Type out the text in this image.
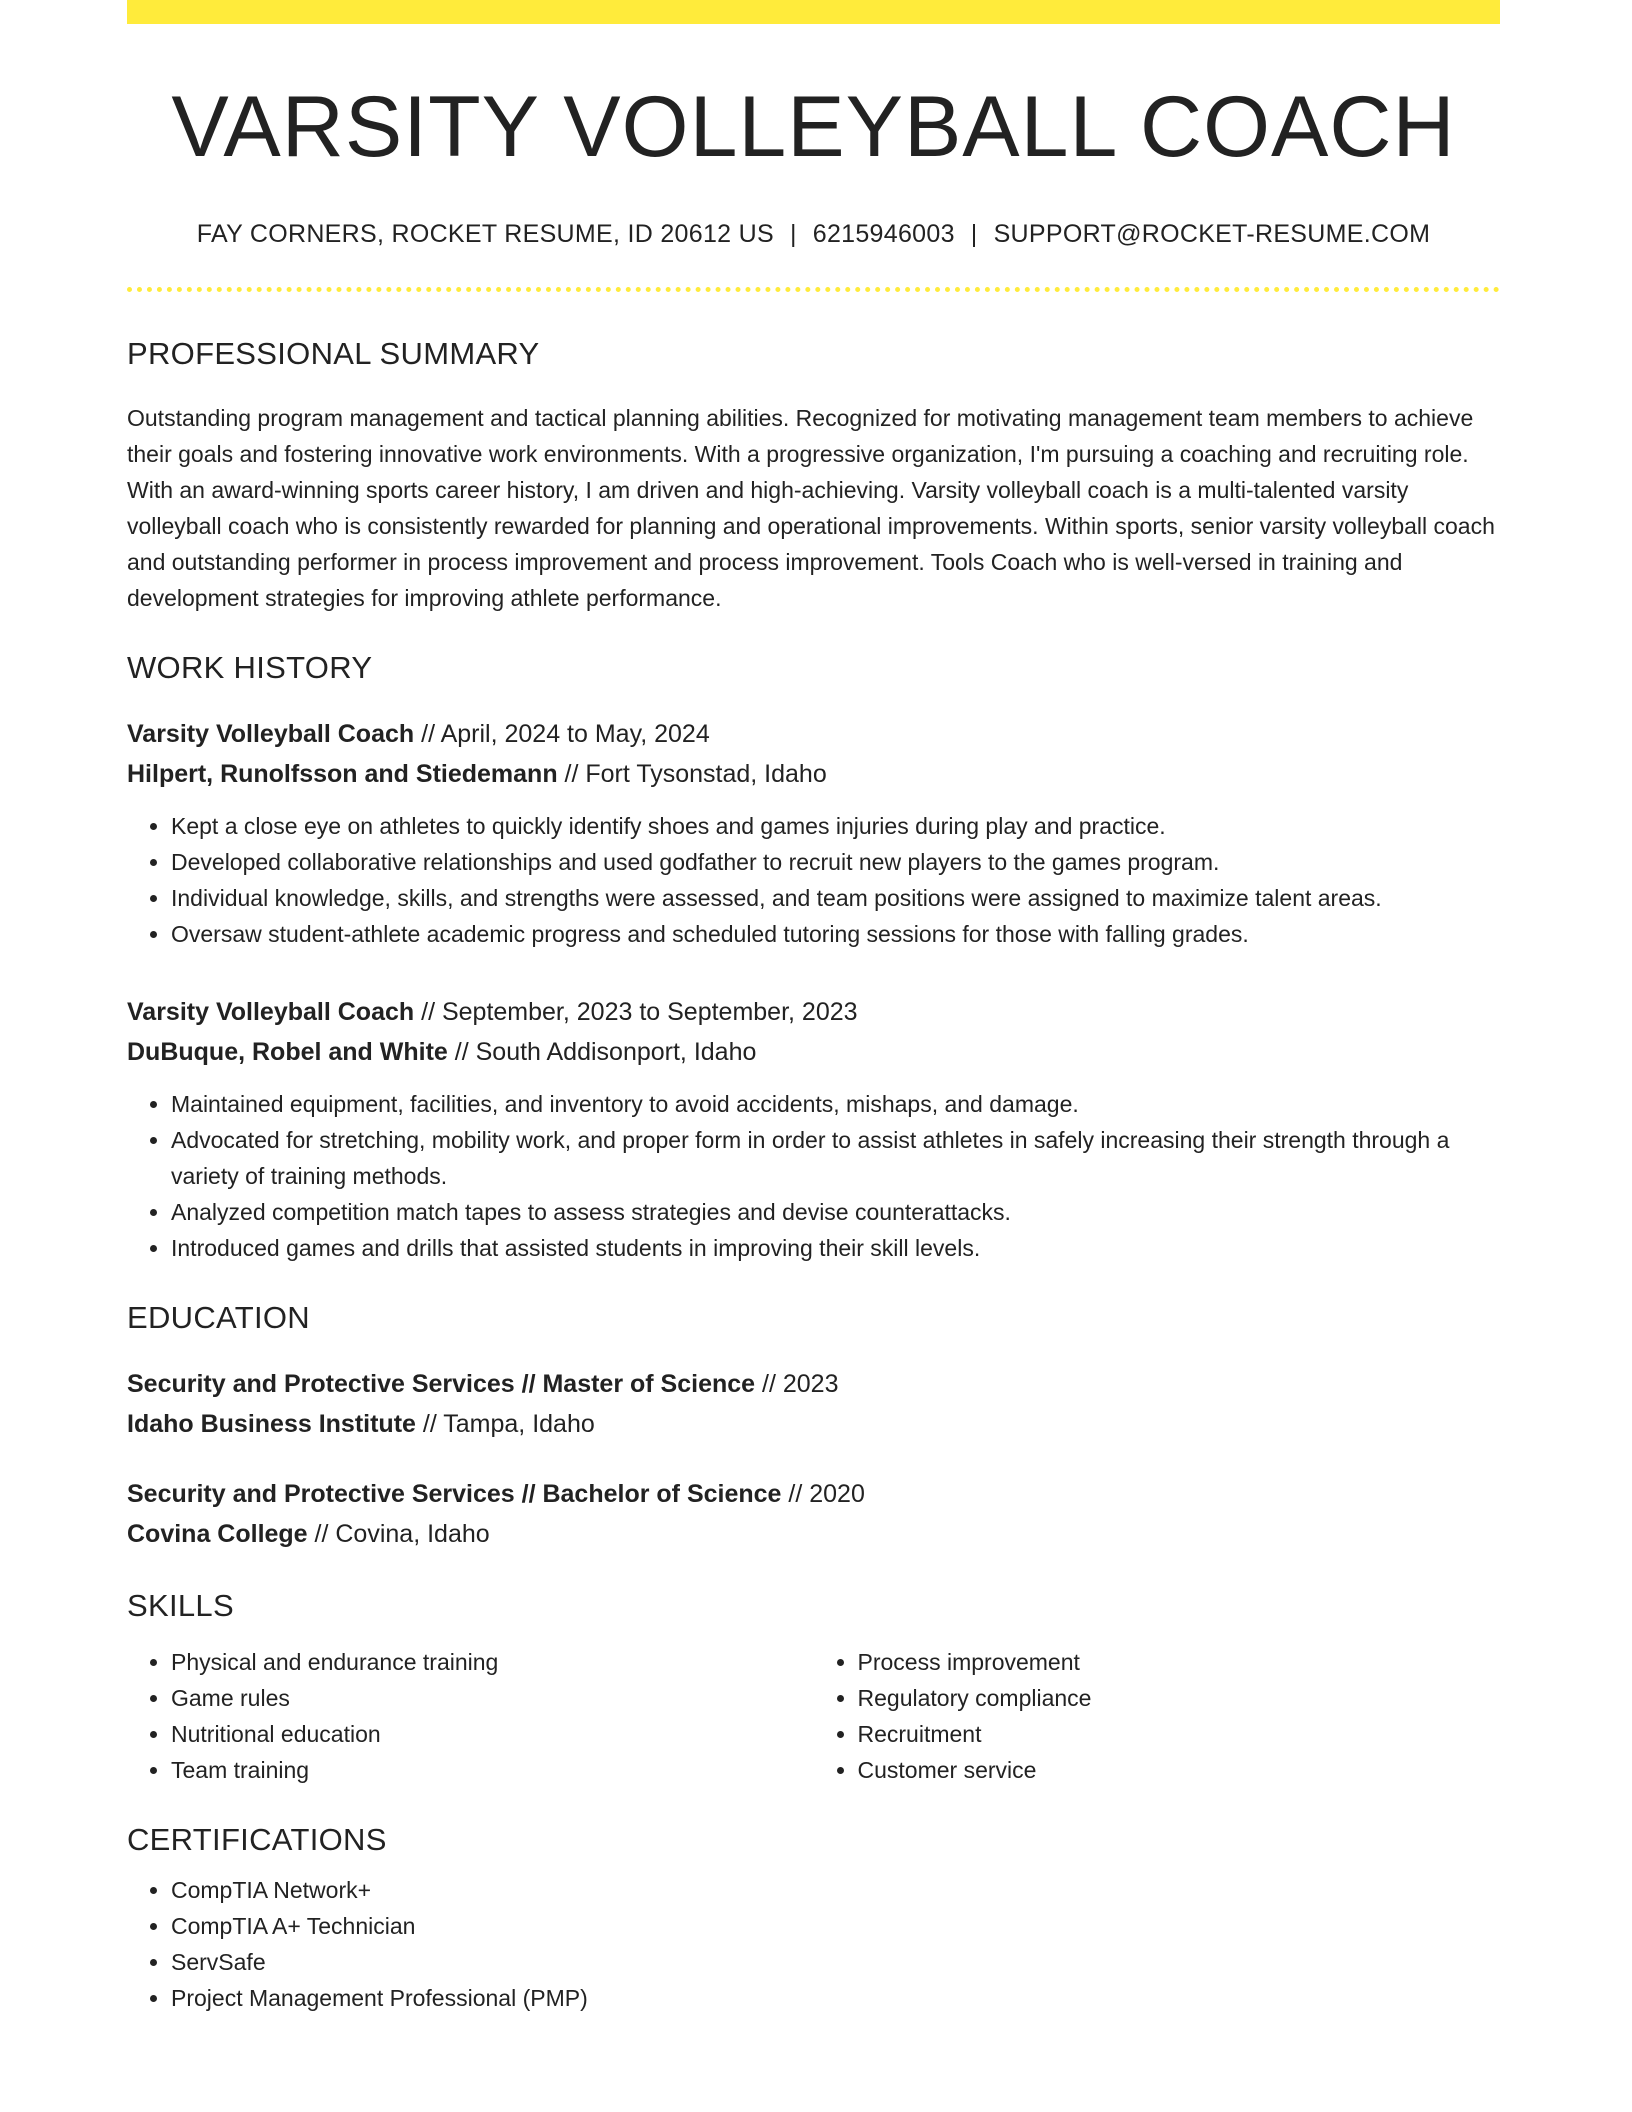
VARSITY VOLLEYBALL COACH
FAY CORNERS, ROCKET RESUME, ID 20612 US | 6215946003 | SUPPORT@ROCKET-RESUME.COM
PROFESSIONAL SUMMARY
Outstanding program management and tactical planning abilities. Recognized for motivating management team members to achieve their goals and fostering innovative work environments. With a progressive organization, I'm pursuing a coaching and recruiting role. With an award-winning sports career history, I am driven and high-achieving. Varsity volleyball coach is a multi-talented varsity volleyball coach who is consistently rewarded for planning and operational improvements. Within sports, senior varsity volleyball coach and outstanding performer in process improvement and process improvement. Tools Coach who is well-versed in training and development strategies for improving athlete performance.
WORK HISTORY
Varsity Volleyball Coach // April, 2024 to May, 2024
Hilpert, Runolfsson and Stiedemann // Fort Tysonstad, Idaho
• Kept a close eye on athletes to quickly identify shoes and games injuries during play and practice.
• Developed collaborative relationships and used godfather to recruit new players to the games program.
• Individual knowledge, skills, and strengths were assessed, and team positions were assigned to maximize talent areas.
• Oversaw student-athlete academic progress and scheduled tutoring sessions for those with falling grades.
Varsity Volleyball Coach // September, 2023 to September, 2023
DuBuque, Robel and White // South Addisonport, Idaho
• Maintained equipment, facilities, and inventory to avoid accidents, mishaps, and damage.
• Advocated for stretching, mobility work, and proper form in order to assist athletes in safely increasing their strength through a variety of training methods.
• Analyzed competition match tapes to assess strategies and devise counterattacks.
• Introduced games and drills that assisted students in improving their skill levels.
EDUCATION
Security and Protective Services // Master of Science // 2023
Idaho Business Institute // Tampa, Idaho
Security and Protective Services // Bachelor of Science // 2020
Covina College // Covina, Idaho
SKILLS
• Physical and endurance training
• Game rules
• Nutritional education
• Team training
• Process improvement
• Regulatory compliance
• Recruitment
• Customer service
CERTIFICATIONS
• CompTIA Network+
• CompTIA A+ Technician
• ServSafe
• Project Management Professional (PMP)
